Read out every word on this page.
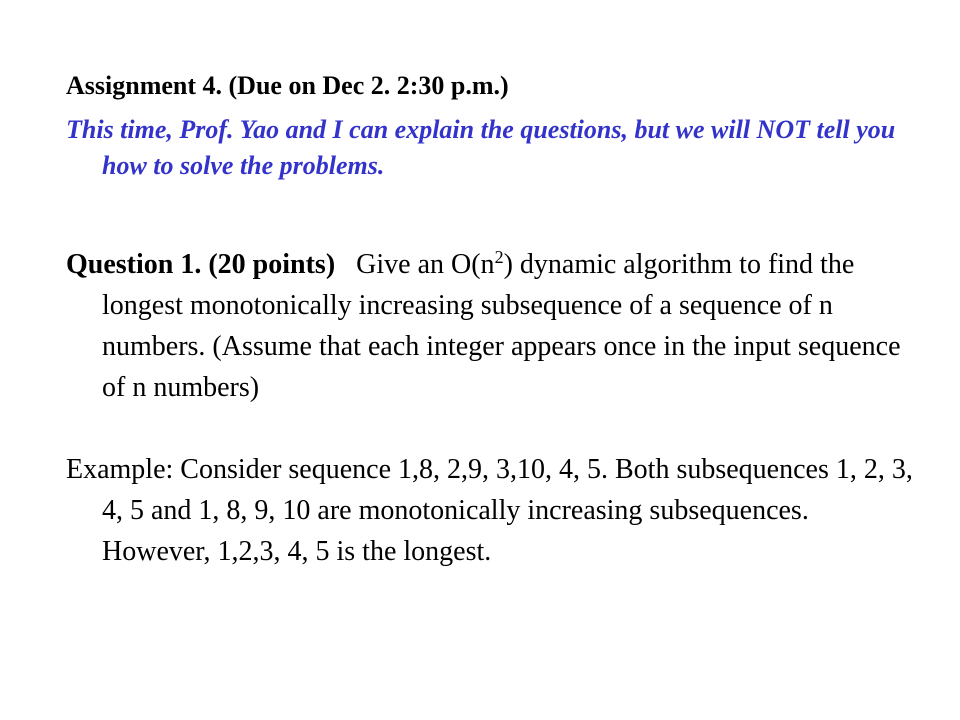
Assignment 4. (Due on Dec 2. 2:30 p.m.)
This time, Prof. Yao and I can explain the questions, but we will NOT tell you how to solve the problems.
Question 1. (20 points) Give an $O(n^2)$ dynamic algorithm to find the longest monotonically increasing subsequence of a sequence of n numbers. (Assume that each integer appears once in the input sequence of n numbers)
Example: Consider sequence 1,8, 2,9, 3,10, 4, 5. Both subsequences 1, 2, 3, 4, 5 and 1, 8, 9, 10 are monotonically increasing subsequences. However, 1,2,3, 4, 5 is the longest.
